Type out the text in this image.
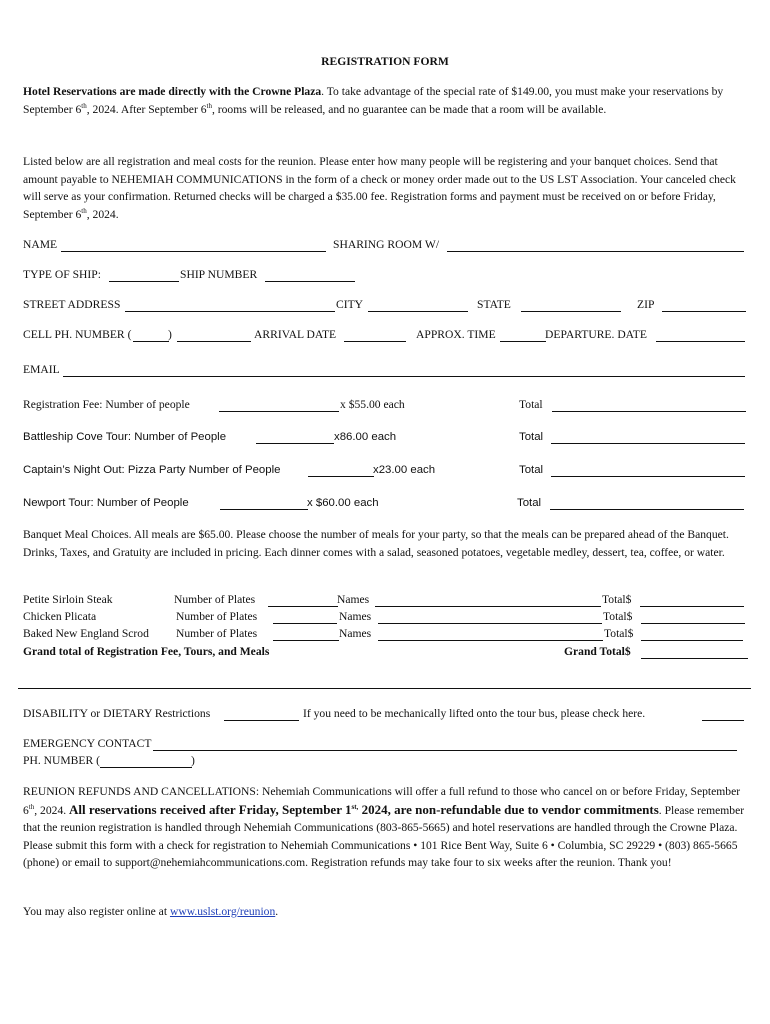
REGISTRATION FORM
Hotel Reservations are made directly with the Crowne Plaza. To take advantage of the special rate of $149.00, you must make your reservations by September 6th, 2024. After September 6th, rooms will be released, and no guarantee can be made that a room will be available.
Listed below are all registration and meal costs for the reunion. Please enter how many people will be registering and your banquet choices. Send that amount payable to NEHEMIAH COMMUNICATIONS in the form of a check or money order made out to the US LST Association. Your canceled check will serve as your confirmation. Returned checks will be charged a $35.00 fee. Registration forms and payment must be received on or before Friday, September 6th, 2024.
NAME	SHARING ROOM W/
TYPE OF SHIP:	SHIP NUMBER
STREET ADDRESS	CITY	STATE	ZIP
CELL PH. NUMBER (	)	ARRIVAL DATE	APPROX. TIME	DEPARTURE. DATE
EMAIL
Registration Fee: Number of people	x $55.00 each	Total
Battleship Cove Tour: Number of People	x86.00 each	Total
Captain’s Night Out: Pizza Party Number of People	x23.00 each	Total
Newport Tour: Number of People	x $60.00 each	Total
Banquet Meal Choices. All meals are $65.00. Please choose the number of meals for your party, so that the meals can be prepared ahead of the Banquet. Drinks, Taxes, and Gratuity are included in pricing. Each dinner comes with a salad, seasoned potatoes, vegetable medley, dessert, tea, coffee, or water.
Petite Sirloin Steak	Number of Plates	Names	Total$
Chicken Plicata	Number of Plates	Names	Total$
Baked New England Scrod Number of Plates	Names	Total$
Grand total of Registration Fee, Tours, and Meals	Grand Total$
DISABILITY or DIETARY Restrictions	If you need to be mechanically lifted onto the tour bus, please check here.
EMERGENCY CONTACT
PH. NUMBER (	)
REUNION REFUNDS AND CANCELLATIONS: Nehemiah Communications will offer a full refund to those who cancel on or before Friday, September 6th, 2024. All reservations received after Friday, September $1^{st,}$ 2024, are non-refundable due to vendor commitments. Please remember that the reunion registration is handled through Nehemiah Communications (803-865-5665) and hotel reservations are handled through the Crowne Plaza. Please submit this form with a check for registration to Nehemiah Communications • 101 Rice Bent Way, Suite 6 • Columbia, SC 29229 • (803) 865-5665 (phone) or email to support@nehemiahcommunications.com. Registration refunds may take four to six weeks after the reunion. Thank you!
You may also register online at www.uslst.org/reunion.
